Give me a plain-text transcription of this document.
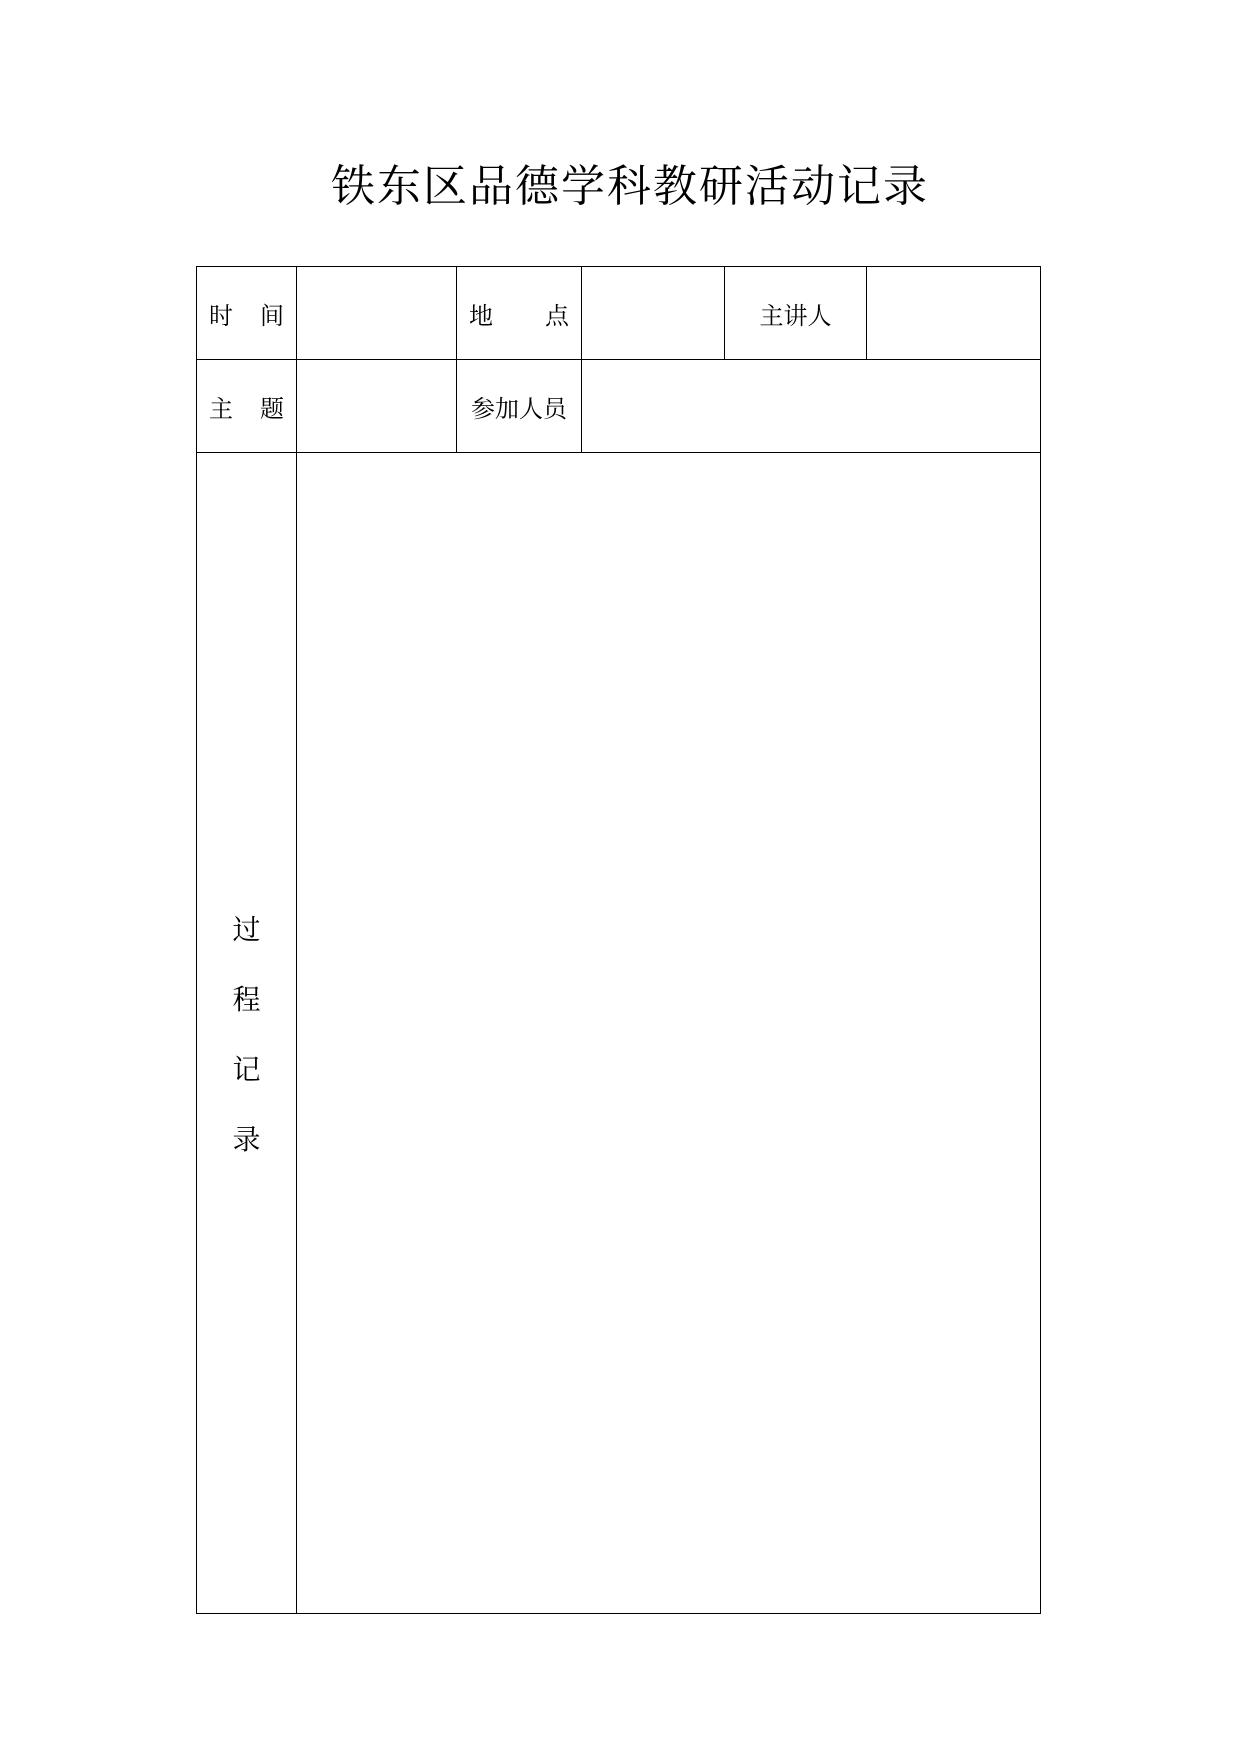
铁东区品德学科教研活动记录
时 间		地 点		主讲人	

主 题		参加人员			

过
程
记
录					
